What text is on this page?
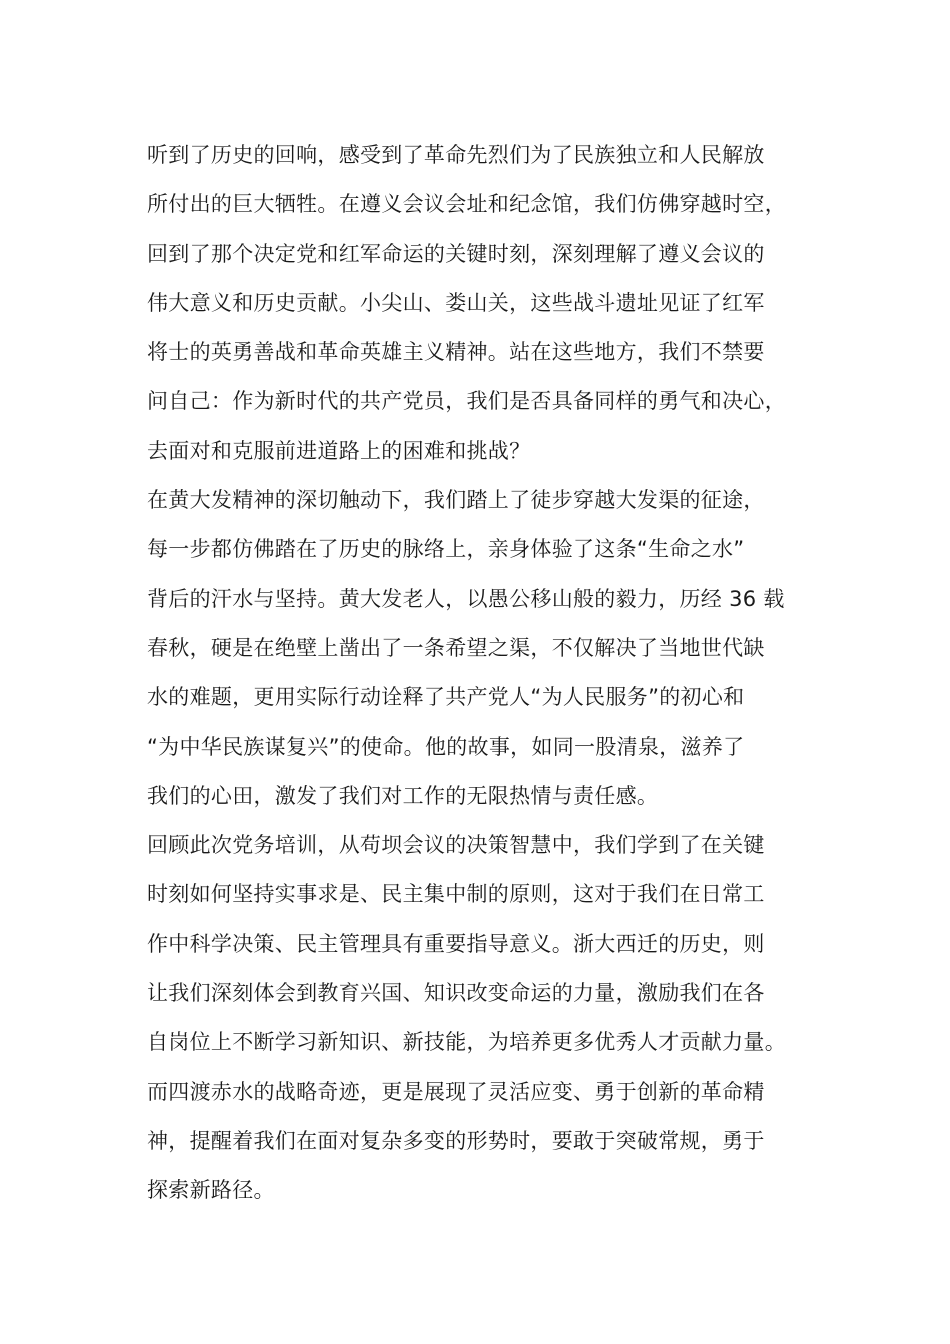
听到了历史的回响，感受到了革命先烈们为了民族独立和人民解放
所付出的巨大牺牲。在遵义会议会址和纪念馆，我们仿佛穿越时空，
回到了那个决定党和红军命运的关键时刻，深刻理解了遵义会议的
伟大意义和历史贡献。小尖山、娄山关，这些战斗遗址见证了红军
将士的英勇善战和革命英雄主义精神。站在这些地方，我们不禁要
问自己：作为新时代的共产党员，我们是否具备同样的勇气和决心，
去面对和克服前进道路上的困难和挑战？
在黄大发精神的深切触动下，我们踏上了徒步穿越大发渠的征途，
每一步都仿佛踏在了历史的脉络上，亲身体验了这条“生命之水”
背后的汗水与坚持。黄大发老人，以愚公移山般的毅力，历经 36 载
春秋，硬是在绝壁上凿出了一条希望之渠，不仅解决了当地世代缺
水的难题，更用实际行动诠释了共产党人“为人民服务”的初心和
“为中华民族谋复兴”的使命。他的故事，如同一股清泉，滋养了
我们的心田，激发了我们对工作的无限热情与责任感。
回顾此次党务培训，从苟坝会议的决策智慧中，我们学到了在关键
时刻如何坚持实事求是、民主集中制的原则，这对于我们在日常工
作中科学决策、民主管理具有重要指导意义。浙大西迁的历史，则
让我们深刻体会到教育兴国、知识改变命运的力量，激励我们在各
自岗位上不断学习新知识、新技能，为培养更多优秀人才贡献力量。
而四渡赤水的战略奇迹，更是展现了灵活应变、勇于创新的革命精
神，提醒着我们在面对复杂多变的形势时，要敢于突破常规，勇于
探索新路径。
